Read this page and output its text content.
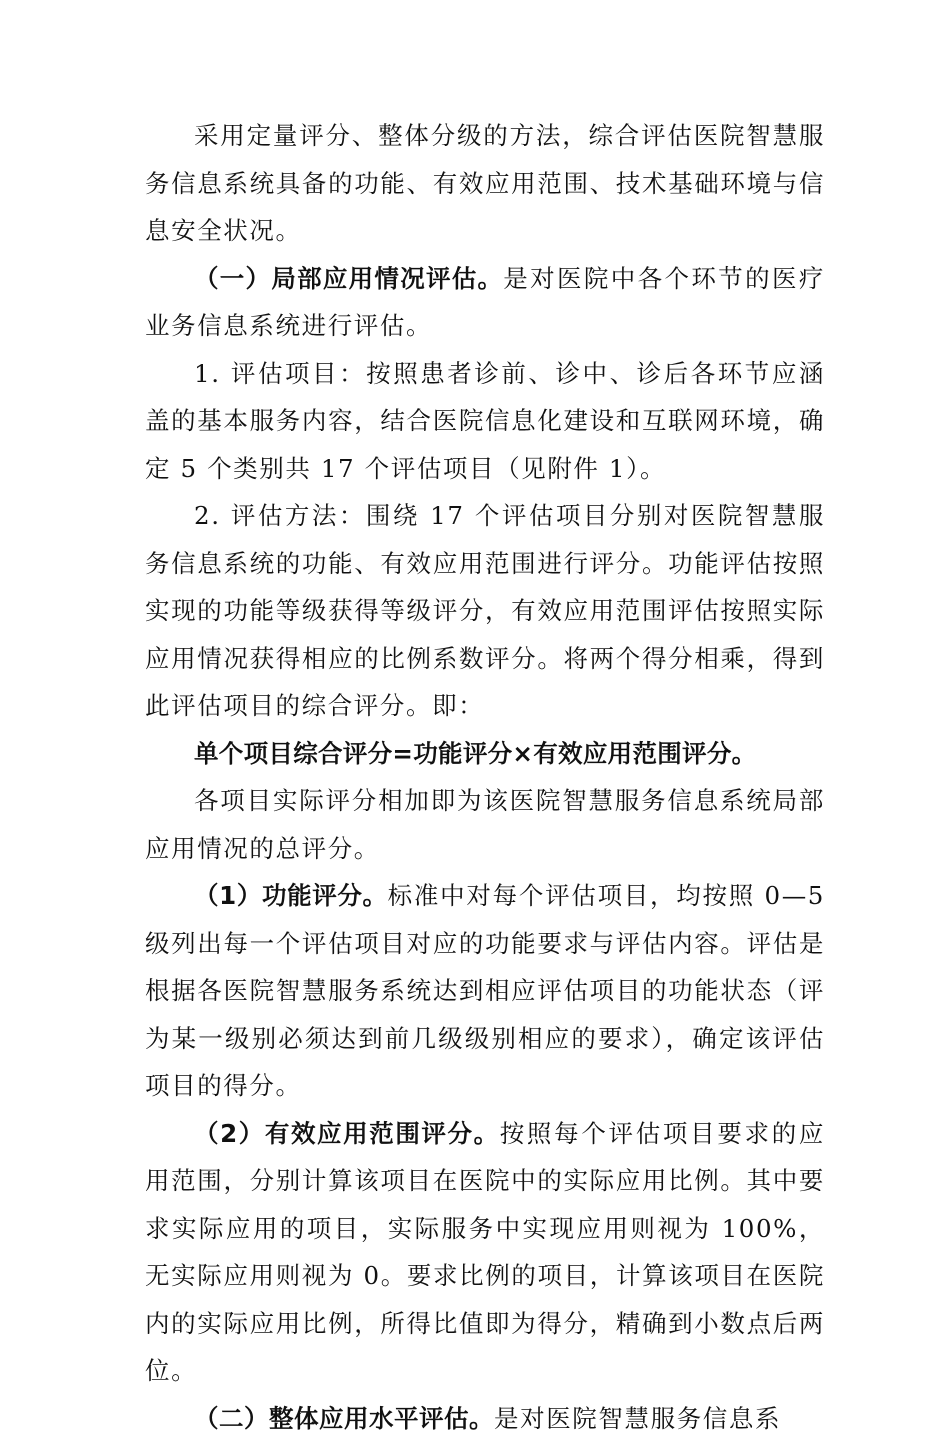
采用定量评分、整体分级的方法，综合评估医院智慧服务信息系统具备的功能、有效应用范围、技术基础环境与信息安全状况。

（一）局部应用情况评估。是对医院中各个环节的医疗业务信息系统进行评估。

1. 评估项目：按照患者诊前、诊中、诊后各环节应涵盖的基本服务内容，结合医院信息化建设和互联网环境，确定 5 个类别共 17 个评估项目（见附件 1）。

2. 评估方法：围绕 17 个评估项目分别对医院智慧服务信息系统的功能、有效应用范围进行评分。功能评估按照实现的功能等级获得等级评分，有效应用范围评估按照实际应用情况获得相应的比例系数评分。将两个得分相乘，得到此评估项目的综合评分。即：

单个项目综合评分=功能评分×有效应用范围评分。

各项目实际评分相加即为该医院智慧服务信息系统局部应用情况的总评分。

（1）功能评分。标准中对每个评估项目，均按照 0—5 级列出每一个评估项目对应的功能要求与评估内容。评估是根据各医院智慧服务系统达到相应评估项目的功能状态（评为某一级别必须达到前几级级别相应的要求），确定该评估项目的得分。

（2）有效应用范围评分。按照每个评估项目要求的应用范围，分别计算该项目在医院中的实际应用比例。其中要求实际应用的项目，实际服务中实现应用则视为 100%，无实际应用则视为 0。要求比例的项目，计算该项目在医院内的实际应用比例，所得比值即为得分，精确到小数点后两位。

（二）整体应用水平评估。是对医院智慧服务信息系
